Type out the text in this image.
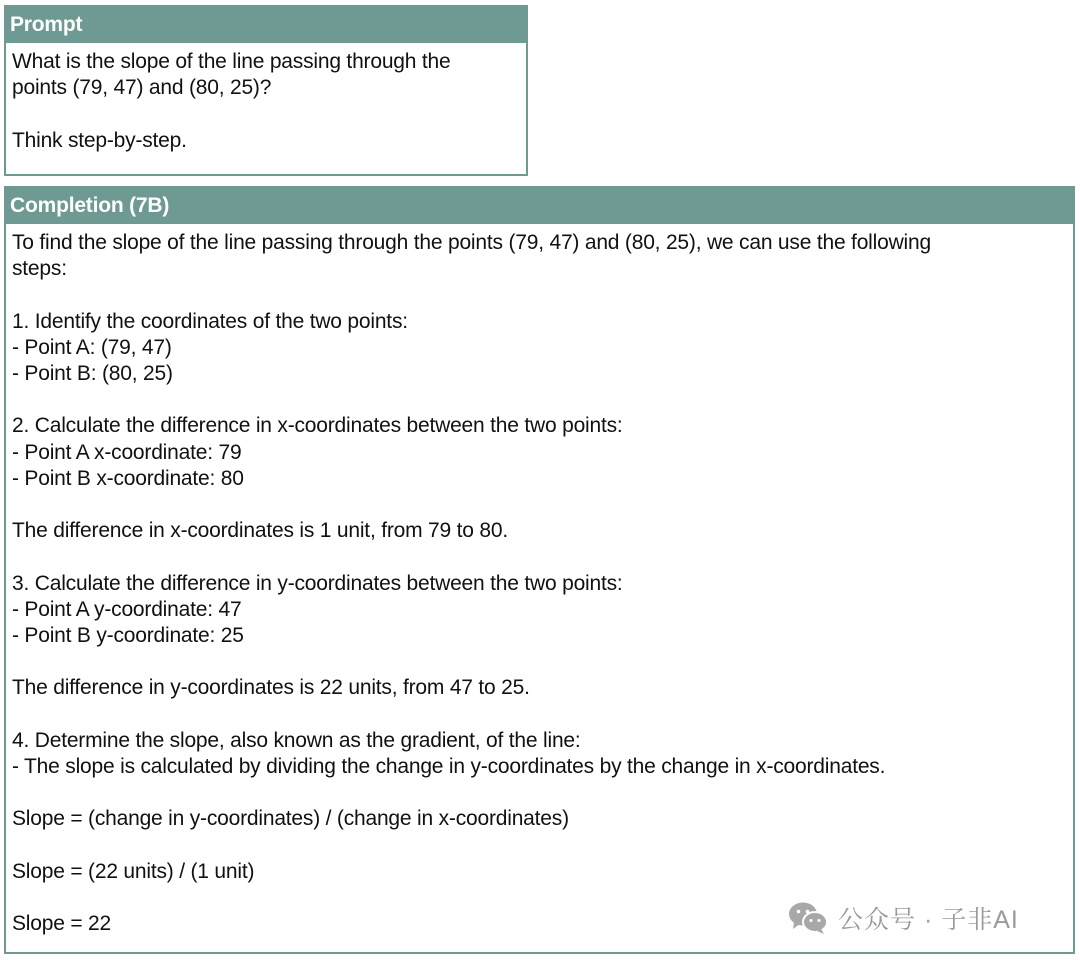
Prompt
What is the slope of the line passing through the
points (79, 47) and (80, 25)?
Think step-by-step.
Completion (7B)
To find the slope of the line passing through the points (79, 47) and (80, 25), we can use the following
steps:
1. Identify the coordinates of the two points:
- Point A: (79, 47)
- Point B: (80, 25)
2. Calculate the difference in x-coordinates between the two points:
- Point A x-coordinate: 79
- Point B x-coordinate: 80
The difference in x-coordinates is 1 unit, from 79 to 80.
3. Calculate the difference in y-coordinates between the two points:
- Point A y-coordinate: 47
- Point B y-coordinate: 25
The difference in y-coordinates is 22 units, from 47 to 25.
4. Determine the slope, also known as the gradient, of the line:
- The slope is calculated by dividing the change in y-coordinates by the change in x-coordinates.
Slope = (change in y-coordinates) / (change in x-coordinates)
Slope = (22 units) / (1 unit)
Slope = 22	公众号 · 子非AI
